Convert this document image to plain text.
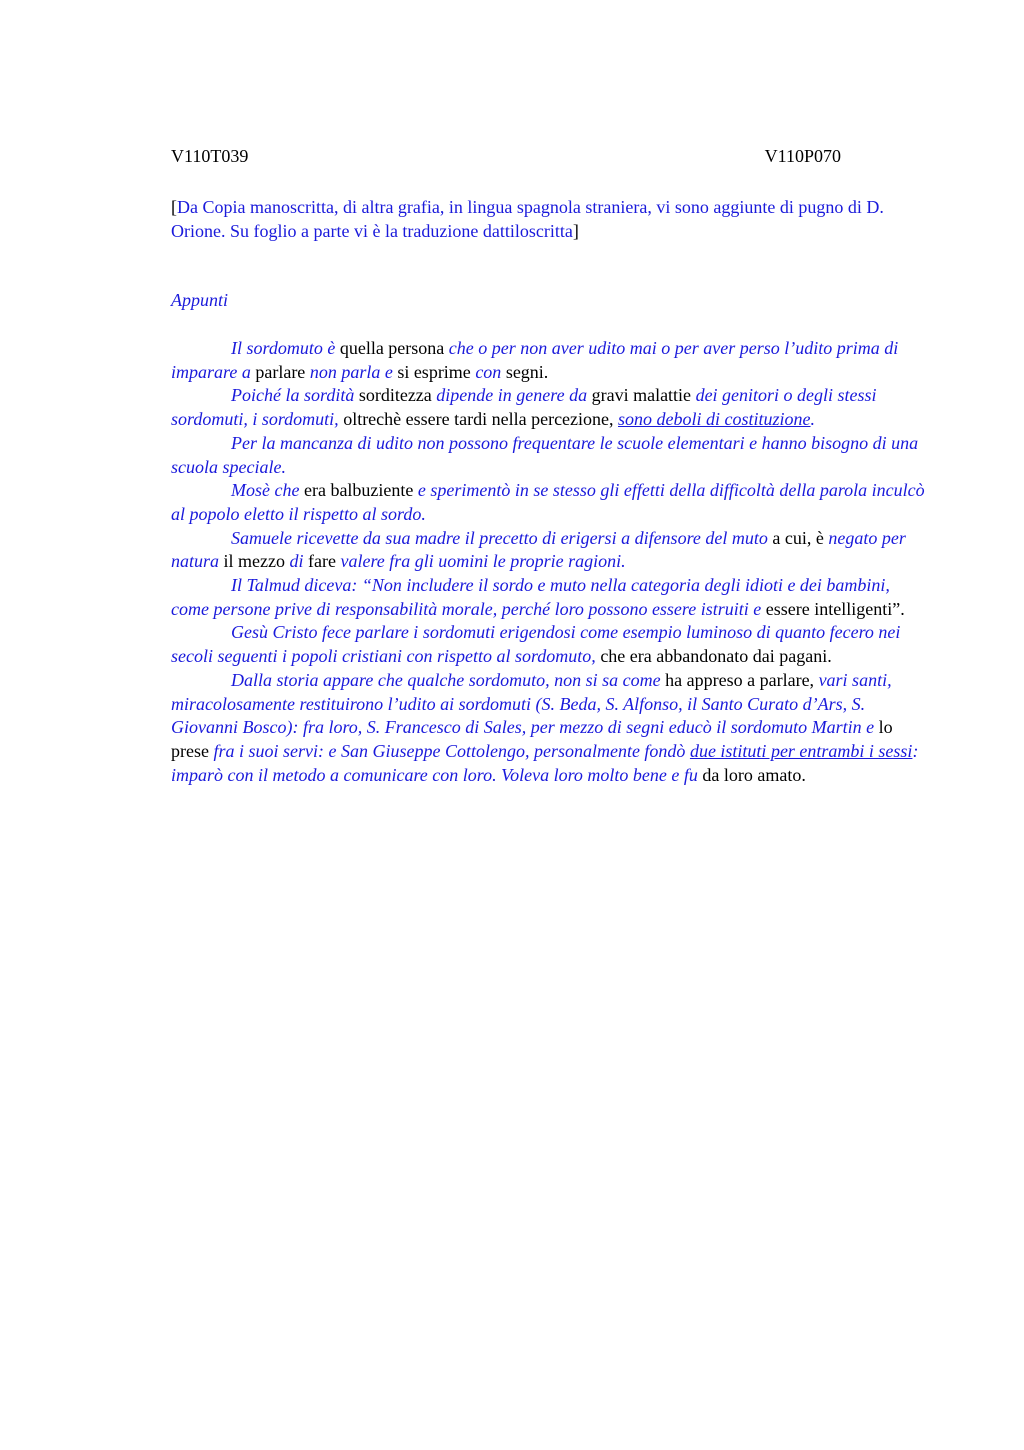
V110T039	V110P070
[Da Copia manoscritta, di altra grafia, in lingua spagnola straniera, vi sono aggiunte di pugno di D. Orione. Su foglio a parte vi è la traduzione dattiloscritta]
Appunti

Il sordomuto è quella persona che o per non aver udito mai o per aver perso l’udito prima di imparare a parlare non parla e si esprime con segni.

Poiché la sordità sorditezza dipende in genere da gravi malattie dei genitori o degli stessi sordomuti, i sordomuti, oltrechè essere tardi nella percezione, sono deboli di costituzione.

Per la mancanza di udito non possono frequentare le scuole elementari e hanno bisogno di una scuola speciale.

Mosè che era balbuziente e sperimentò in se stesso gli effetti della difficoltà della parola inculcò al popolo eletto il rispetto al sordo.

Samuele ricevette da sua madre il precetto di erigersi a difensore del muto a cui, è negato per natura il mezzo di fare valere fra gli uomini le proprie ragioni.

Il Talmud diceva: “Non includere il sordo e muto nella categoria degli idioti e dei bambini, come persone prive di responsabilità morale, perché loro possono essere istruiti e essere intelligenti”.

Gesù Cristo fece parlare i sordomuti erigendosi come esempio luminoso di quanto fecero nei secoli seguenti i popoli cristiani con rispetto al sordomuto, che era abbandonato dai pagani.

Dalla storia appare che qualche sordomuto, non si sa come ha appreso a parlare, vari santi, miracolosamente restituirono l’udito ai sordomuti (S. Beda, S. Alfonso, il Santo Curato d’Ars, S. Giovanni Bosco): fra loro, S. Francesco di Sales, per mezzo di segni educò il sordomuto Martin e lo prese fra i suoi servi: e San Giuseppe Cottolengo, personalmente fondò due istituti per entrambi i sessi: imparò con il metodo a comunicare con loro. Voleva loro molto bene e fu da loro amato.
